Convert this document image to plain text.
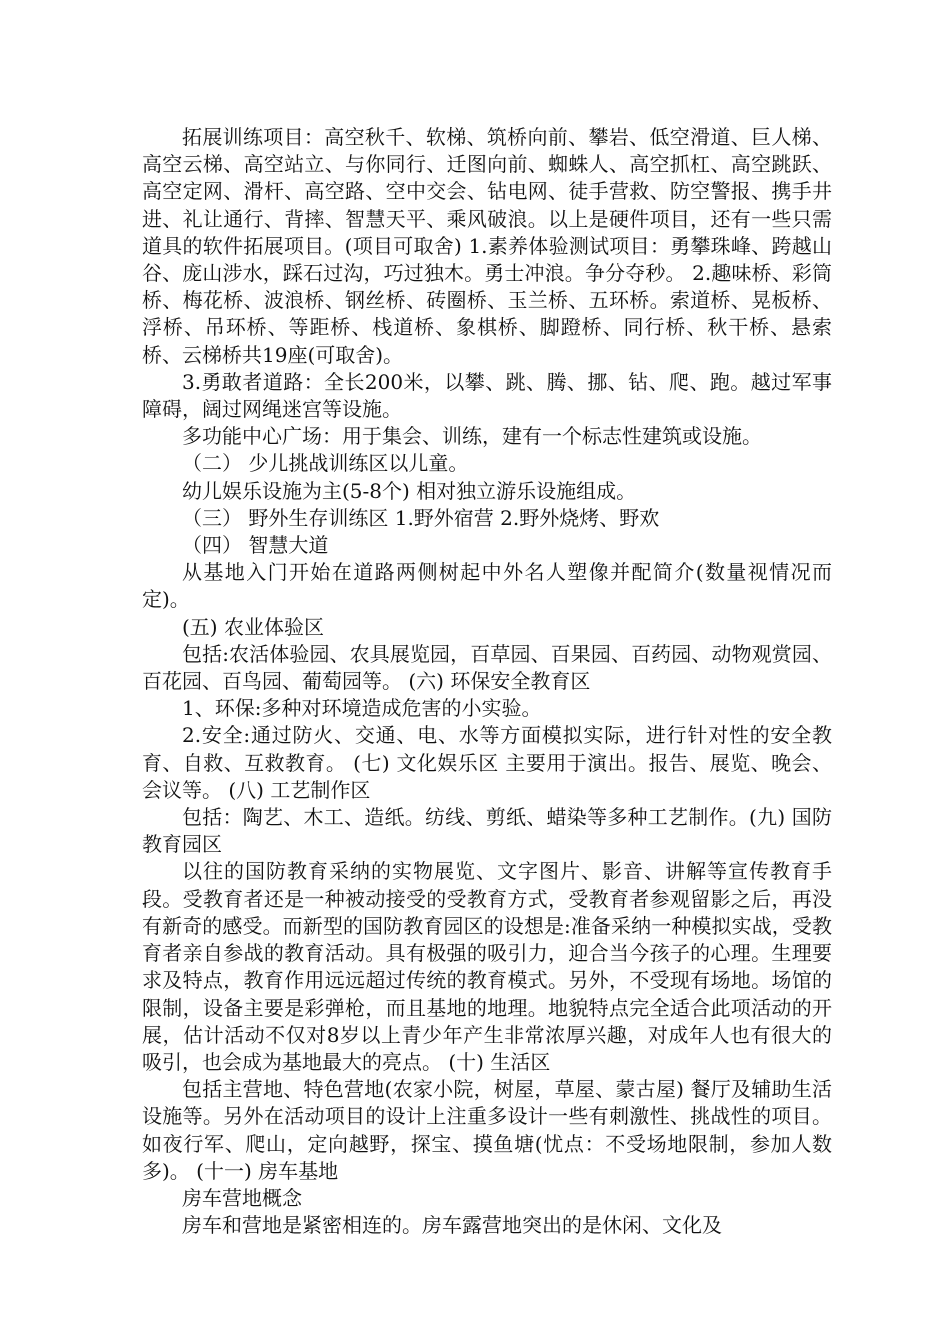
拓展训练项目：高空秋千、软梯、筑桥向前、攀岩、低空滑道、巨人梯、高空云梯、高空站立、与你同行、迁图向前、蜘蛛人、高空抓杠、高空跳跃、高空定网、滑杆、高空路、空中交会、钻电网、徒手营救、防空警报、携手井进、礼让通行、背摔、智慧天平、乘风破浪。以上是硬件项目，还有一些只需道具的软件拓展项目。(项目可取舍) 1.素养体验测试项目：勇攀珠峰、跨越山谷、庞山涉水，踩石过沟，巧过独木。勇士冲浪。争分夺秒。 2.趣味桥、彩筒桥、梅花桥、波浪桥、钢丝桥、砖圈桥、玉兰桥、五环桥。索道桥、晃板桥、浮桥、吊环桥、等距桥、栈道桥、象棋桥、脚蹬桥、同行桥、秋干桥、悬索桥、云梯桥共19座(可取舍)。

3.勇敢者道路：全长200米，以攀、跳、腾、挪、钻、爬、跑。越过军事障碍，阔过网绳迷宫等设施。

多功能中心广场：用于集会、训练，建有一个标志性建筑或设施。

（二） 少儿挑战训练区以儿童。

幼儿娱乐设施为主(5-8个) 相对独立游乐设施组成。

（三） 野外生存训练区 1.野外宿营 2.野外烧烤、野欢

（四） 智慧大道

从基地入门开始在道路两侧树起中外名人塑像并配简介(数量视情况而定)。

(五) 农业体验区

包括:农活体验园、农具展览园，百草园、百果园、百药园、动物观赏园、百花园、百鸟园、葡萄园等。 (六) 环保安全教育区

1、环保:多种对环境造成危害的小实验。

2.安全:通过防火、交通、电、水等方面模拟实际，进行针对性的安全教育、自救、互救教育。 (七) 文化娱乐区 主要用于演出。报告、展览、晚会、会议等。 (八) 工艺制作区

包括：陶艺、木工、造纸。纺线、剪纸、蜡染等多种工艺制作。(九) 国防教育园区

以往的国防教育采纳的实物展览、文字图片、影音、讲解等宣传教育手段。受教育者还是一种被动接受的受教育方式，受教育者参观留影之后，再没有新奇的感受。而新型的国防教育园区的设想是:准备采纳一种模拟实战，受教育者亲自参战的教育活动。具有极强的吸引力，迎合当今孩子的心理。生理要求及特点，教育作用远远超过传统的教育模式。另外，不受现有场地。场馆的限制，设备主要是彩弹枪，而且基地的地理。地貌特点完全适合此项活动的开展，估计活动不仅对8岁以上青少年产生非常浓厚兴趣，对成年人也有很大的吸引，也会成为基地最大的亮点。 (十) 生活区

包括主营地、特色营地(农家小院，树屋，草屋、蒙古屋) 餐厅及辅助生活设施等。另外在活动项目的设计上注重多设计一些有刺激性、挑战性的项目。如夜行军、爬山，定向越野，探宝、摸鱼塘(忧点：不受场地限制，参加人数多)。 (十一) 房车基地

房车营地概念

房车和营地是紧密相连的。房车露营地突出的是休闲、文化及
